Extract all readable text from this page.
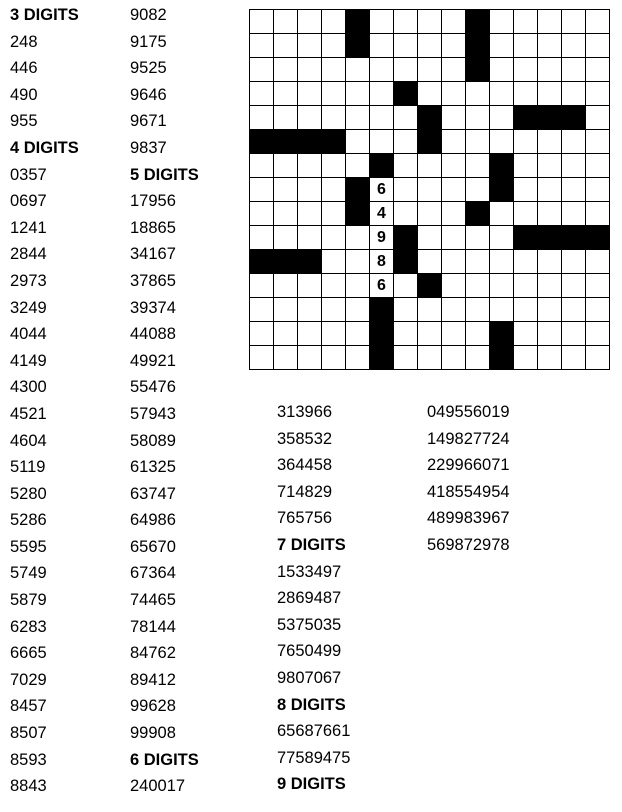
3 DIGITS
248
446
490
955
4 DIGITS
0357
0697
1241
2844
2973
3249
4044
4149
4300
4521
4604
5119
5280
5286
5595
5749
5879
6283
6665
7029
8457
8507
8593
8843
9082
9175
9525
9646
9671
9837
5 DIGITS
17956
18865
34167
37865
39374
44088
49921
55476
57943
58089
61325
63747
64986
65670
67364
74465
78144
84762
89412
99628
99908
6 DIGITS
240017
313966
358532
364458
714829
765756
7 DIGITS
1533497
2869487
5375035
7650499
9807067
8 DIGITS
65687661
77589475
9 DIGITS
049556019
149827724
229966071
418554954
489983967
569872978
6
4
9
8
6
